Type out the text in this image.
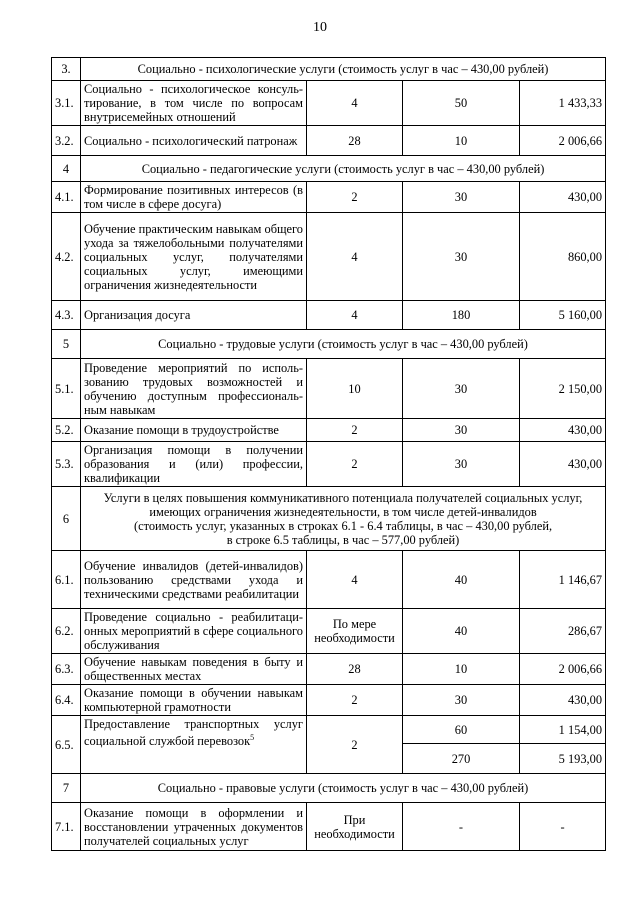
10
3.	Социально - психологические услуги (стоимость услуг в час – 430,00 рублей)			
3.1.	Социально - психологическое консультирование, в том числе по вопросам внутрисемейных отношений	4	50	1 433,33
3.2.	Социально - психологический патронаж	28	10	2 006,66
4	Социально - педагогические услуги (стоимость услуг в час – 430,00 рублей)			
4.1.	Формирование позитивных интересов (в том числе в сфере досуга)	2	30	430,00
4.2.	Обучение практическим навыкам общего ухода за тяжелобольными получателями социальных услуг, получателями социальных услуг, имеющими ограничения жизнедеятельности	4	30	860,00
4.3.	Организация досуга	4	180	5 160,00
5	Социально - трудовые услуги (стоимость услуг в час – 430,00 рублей)			
5.1.	Проведение мероприятий по использованию трудовых возможностей и обучению доступным профессиональным навыкам	10	30	2 150,00
5.2.	Оказание помощи в трудоустройстве	2	30	430,00
5.3.	Организация помощи в получении образования и (или) профессии, квалификации	2	30	430,00
6	Услуги в целях повышения коммуникативного потенциала получателей социальных услуг,
имеющих ограничения жизнедеятельности, в том числе детей-инвалидов
(стоимость услуг, указанных в строках 6.1 - 6.4 таблицы, в час – 430,00 рублей,
в строке 6.5 таблицы, в час – 577,00 рублей)			

6.1.	Обучение инвалидов (детей-инвалидов) пользованию средствами ухода и техническими средствами реабилитации	4	40	1 146,67
6.2.	Проведение социально - реабилитационных мероприятий в сфере социального обслуживания	По мере
необходимости	40	286,67
6.3.	Обучение навыкам поведения в быту и общественных местах	28	10	2 006,66
6.4.	Оказание помощи в обучении навыкам компьютерной грамотности	2	30	430,00
6.5.	Предоставление транспортных услуг социальной службой перевозок$^5$	2	60	1 154,00
			270	5 193,00
7	Социально - правовые услуги (стоимость услуг в час – 430,00 рублей)			
7.1.	Оказание помощи в оформлении и восстановлении утраченных документов получателей социальных услуг	При
необходимости	-	-
